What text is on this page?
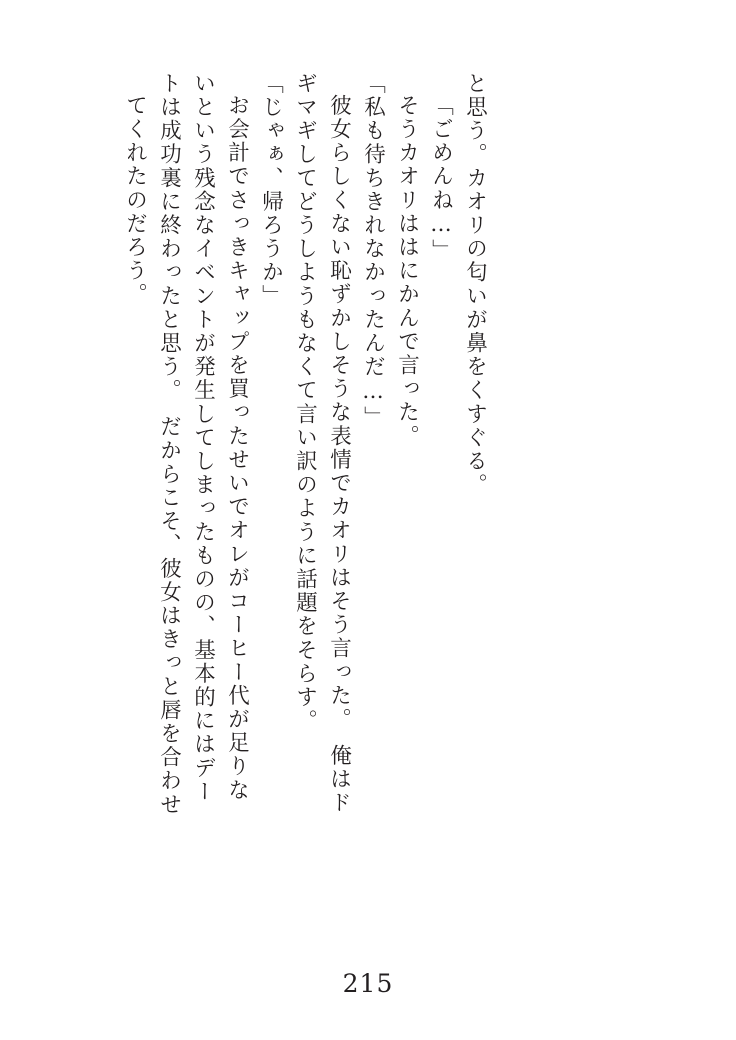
てくれたのだろう。 トは成功裏に終わったと思う。　だからこそ、彼女はきっと唇を合わせ いという残念なイベントが発生してしまったものの、基本的にはデー お会計でさっきキャップを買ったせいでオレがコーヒー代が足りな 「じゃぁ、帰ろうか」 ギマギしてどうしようもなくて言い訳のように話題をそらす。 彼女らしくない恥ずかしそうな表情でカオリはそう言った。　俺はド 「私も待ちきれなかったんだ…」 そうカオリははにかんで言った。 「ごめんね…」 と思う。カオリの匂いが鼻をくすぐる。
215
